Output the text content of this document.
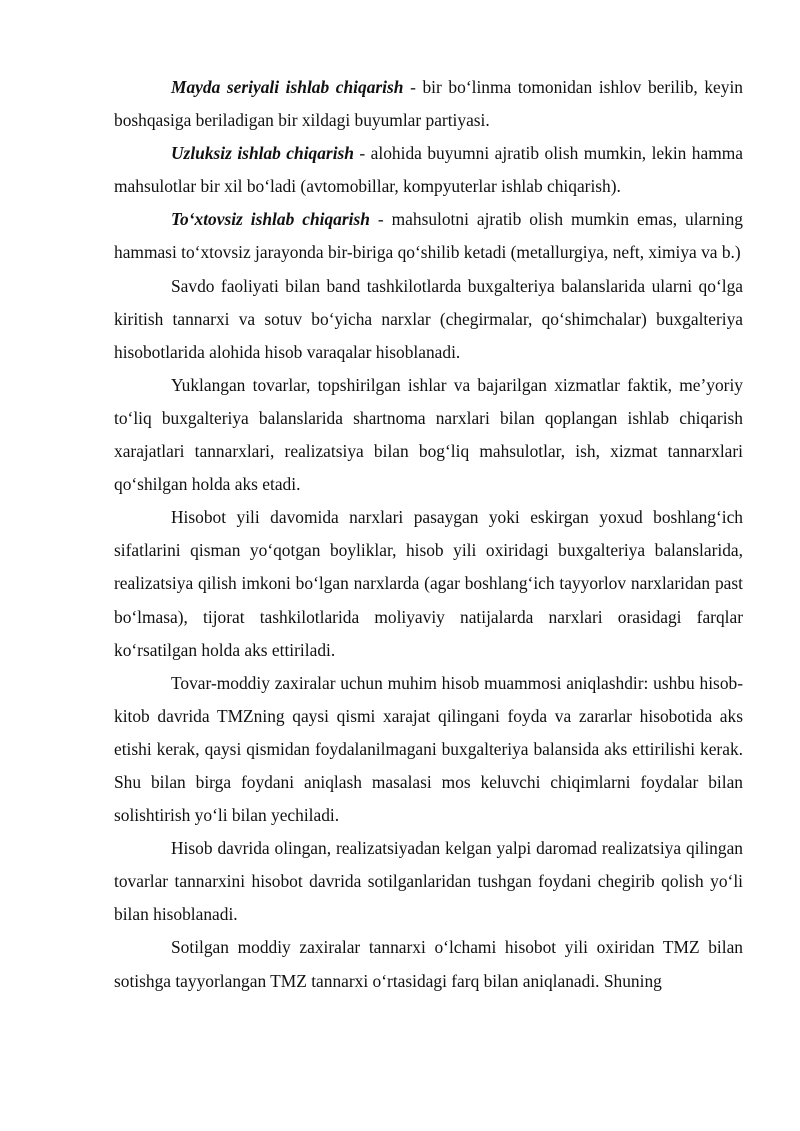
Mayda seriyali ishlab chiqarish - bir bo‘linma tomonidan ishlov berilib, keyin boshqasiga beriladigan bir xildagi buyumlar partiyasi.

Uzluksiz ishlab chiqarish - alohida buyumni ajratib olish mumkin, lekin hamma mahsulotlar bir xil bo‘ladi (avtomobillar, kompyuterlar ishlab chiqarish).

To‘xtovsiz ishlab chiqarish - mahsulotni ajratib olish mumkin emas, ularning hammasi to‘xtovsiz jarayonda bir-biriga qo‘shilib ketadi (metallurgiya, neft, ximiya va b.)

Savdo faoliyati bilan band tashkilotlarda buxgalteriya balanslarida ularni qo‘lga kiritish tannarxi va sotuv bo‘yicha narxlar (chegirmalar, qo‘shimchalar) buxgalteriya hisobotlarida alohida hisob varaqalar hisoblanadi.

Yuklangan tovarlar, topshirilgan ishlar va bajarilgan xizmatlar faktik, me’yoriy to‘liq buxgalteriya balanslarida shartnoma narxlari bilan qoplangan ishlab chiqarish xarajatlari tannarxlari, realizatsiya bilan bog‘liq mahsulotlar, ish, xizmat tannarxlari qo‘shilgan holda aks etadi.

Hisobot yili davomida narxlari pasaygan yoki eskirgan yoxud boshlang‘ich sifatlarini qisman yo‘qotgan boyliklar, hisob yili oxiridagi buxgalteriya balanslarida, realizatsiya qilish imkoni bo‘lgan narxlarda (agar boshlang‘ich tayyorlov narxlaridan past bo‘lmasa), tijorat tashkilotlarida moliyaviy natijalarda narxlari orasidagi farqlar ko‘rsatilgan holda aks ettiriladi.

Tovar-moddiy zaxiralar uchun muhim hisob muammosi aniqlashdir: ushbu hisob-kitob davrida TMZning qaysi qismi xarajat qilingani foyda va zararlar hisobotida aks etishi kerak, qaysi qismidan foydalanilmagani buxgalteriya balansida aks ettirilishi kerak. Shu bilan birga foydani aniqlash masalasi mos keluvchi chiqimlarni foydalar bilan solishtirish yo‘li bilan yechiladi.

Hisob davrida olingan, realizatsiyadan kelgan yalpi daromad realizatsiya qilingan tovarlar tannarxini hisobot davrida sotilganlaridan tushgan foydani chegirib qolish yo‘li bilan hisoblanadi.

Sotilgan moddiy zaxiralar tannarxi o‘lchami hisobot yili oxiridan TMZ bilan sotishga tayyorlangan TMZ tannarxi o‘rtasidagi farq bilan aniqlanadi. Shuning
